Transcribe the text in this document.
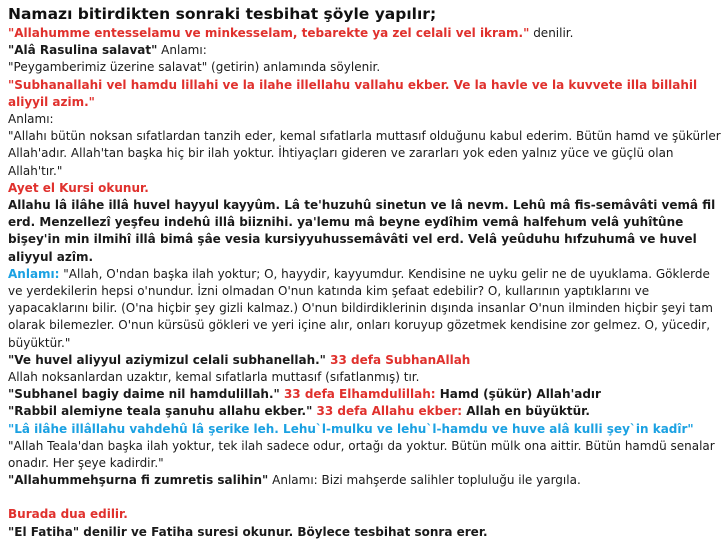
Namazı bitirdikten sonraki tesbihat şöyle yapılır;
"Allahumme entesselamu ve minkesselam, tebarekte ya zel celali vel ikram." denilir.
"Alâ Rasulina salavat" Anlamı:
"Peygamberimiz üzerine salavat" (getirin) anlamında söylenir.
"Subhanallahi vel hamdu lillahi ve la ilahe illellahu vallahu ekber. Ve la havle ve la kuvvete illa billahil aliyyil azim."
Anlamı:
"Allahı bütün noksan sıfatlardan tanzih eder, kemal sıfatlarla muttasıf olduğunu kabul ederim. Bütün hamd ve şükürler Allah'adır. Allah'tan başka hiç bir ilah yoktur. İhtiyaçları gideren ve zararları yok eden yalnız yüce ve güçlü olan Allah'tır."
Ayet el Kursi okunur.
Allahu lâ ilâhe illâ huvel hayyul kayyûm. Lâ te'huzuhû sinetun ve lâ nevm. Lehû mâ fis-semâvâti vemâ fil erd. Menzellezî yeşfeu indehû illâ biiznihi. ya'lemu mâ beyne eydîhim vemâ halfehum velâ yuhîtûne bişey'in min ilmihî illâ bimâ şâe vesia kursiyyuhussemâvâti vel erd. Velâ yeûduhu hıfzuhumâ ve huvel aliyyul azîm.
Anlamı: "Allah, O'ndan başka ilah yoktur; O, hayydir, kayyumdur. Kendisine ne uyku gelir ne de uyuklama. Göklerde ve yerdekilerin hepsi o'nundur. İzni olmadan O'nun katında kim şefaat edebilir? O, kullarının yaptıklarını ve yapacaklarını bilir. (O'na hiçbir şey gizli kalmaz.) O'nun bildirdiklerinin dışında insanlar O'nun ilminden hiçbir şeyi tam olarak bilemezler. O'nun kürsüsü gökleri ve yeri içine alır, onları koruyup gözetmek kendisine zor gelmez. O, yücedir, büyüktür."
"Ve huvel aliyyul aziymizul celali subhanellah." 33 defa SubhanAllah
Allah noksanlardan uzaktır, kemal sıfatlarla muttasıf (sıfatlanmış) tır.
"Subhanel bagiy daime nil hamdulillah." 33 defa Elhamdulillah: Hamd (şükür) Allah'adır
"Rabbil alemiyne teala şanuhu allahu ekber." 33 defa Allahu ekber: Allah en büyüktür.
"Lâ ilâhe illâllahu vahdehû lâ şerike leh. Lehu`l-mulku ve lehu`l-hamdu ve huve alâ kulli şey`in kadîr"
"Allah Teala'dan başka ilah yoktur, tek ilah sadece odur, ortağı da yoktur. Bütün mülk ona aittir. Bütün hamdü senalar onadır. Her şeye kadirdir."
"Allahummehşurna fi zumretis salihin" Anlamı: Bizi mahşerde salihler topluluğu ile yargıla.
Burada dua edilir.
"El Fatiha" denilir ve Fatiha suresi okunur. Böylece tesbihat sonra erer.
